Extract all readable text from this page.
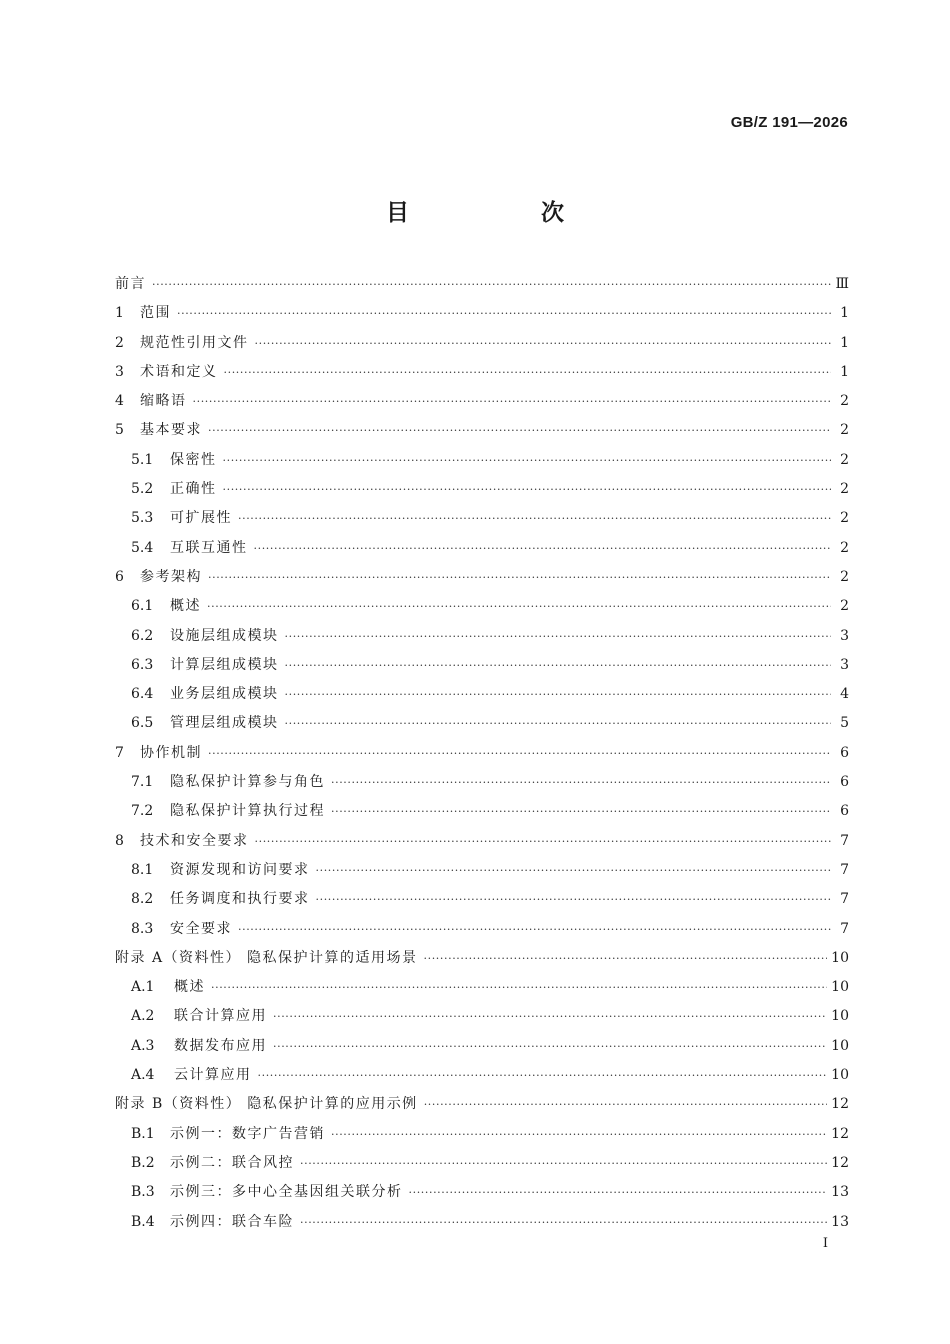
GB/Z 191—2026
目 次
前言 ·····	Ⅲ
1	范围 ·····	1
2	规范性引用文件 ·····	1
3	术语和定义 ·····	1
4	缩略语 ·····	2
5	基本要求 ·····	2
5.1	保密性 ·····	2
5.2	正确性 ·····	2
5.3	可扩展性 ·····	2
5.4	互联互通性 ·····	2
6	参考架构 ·····	2
6.1	概述 ·····	2
6.2	设施层组成模块 ·····	3
6.3	计算层组成模块 ·····	3
6.4	业务层组成模块 ·····	4
6.5	管理层组成模块 ·····	5
7	协作机制 ·····	6
7.1	隐私保护计算参与角色 ·····	6
7.2	隐私保护计算执行过程 ·····	6
8	技术和安全要求 ·····	7
8.1	资源发现和访问要求 ·····	7
8.2	任务调度和执行要求 ·····	7
8.3	安全要求 ·····	7
附录 A（资料性） 隐私保护计算的适用场景 ·····	10
A.1	概述 ·····	10
A.2	联合计算应用 ·····	10
A.3	数据发布应用 ·····	10
A.4	云计算应用 ·····	10
附录 B（资料性） 隐私保护计算的应用示例 ·····	12
B.1	示例一：数字广告营销 ·····	12
B.2	示例二：联合风控 ·····	12
B.3	示例三：多中心全基因组关联分析 ·····	13
B.4	示例四：联合车险 ·····	13
I
